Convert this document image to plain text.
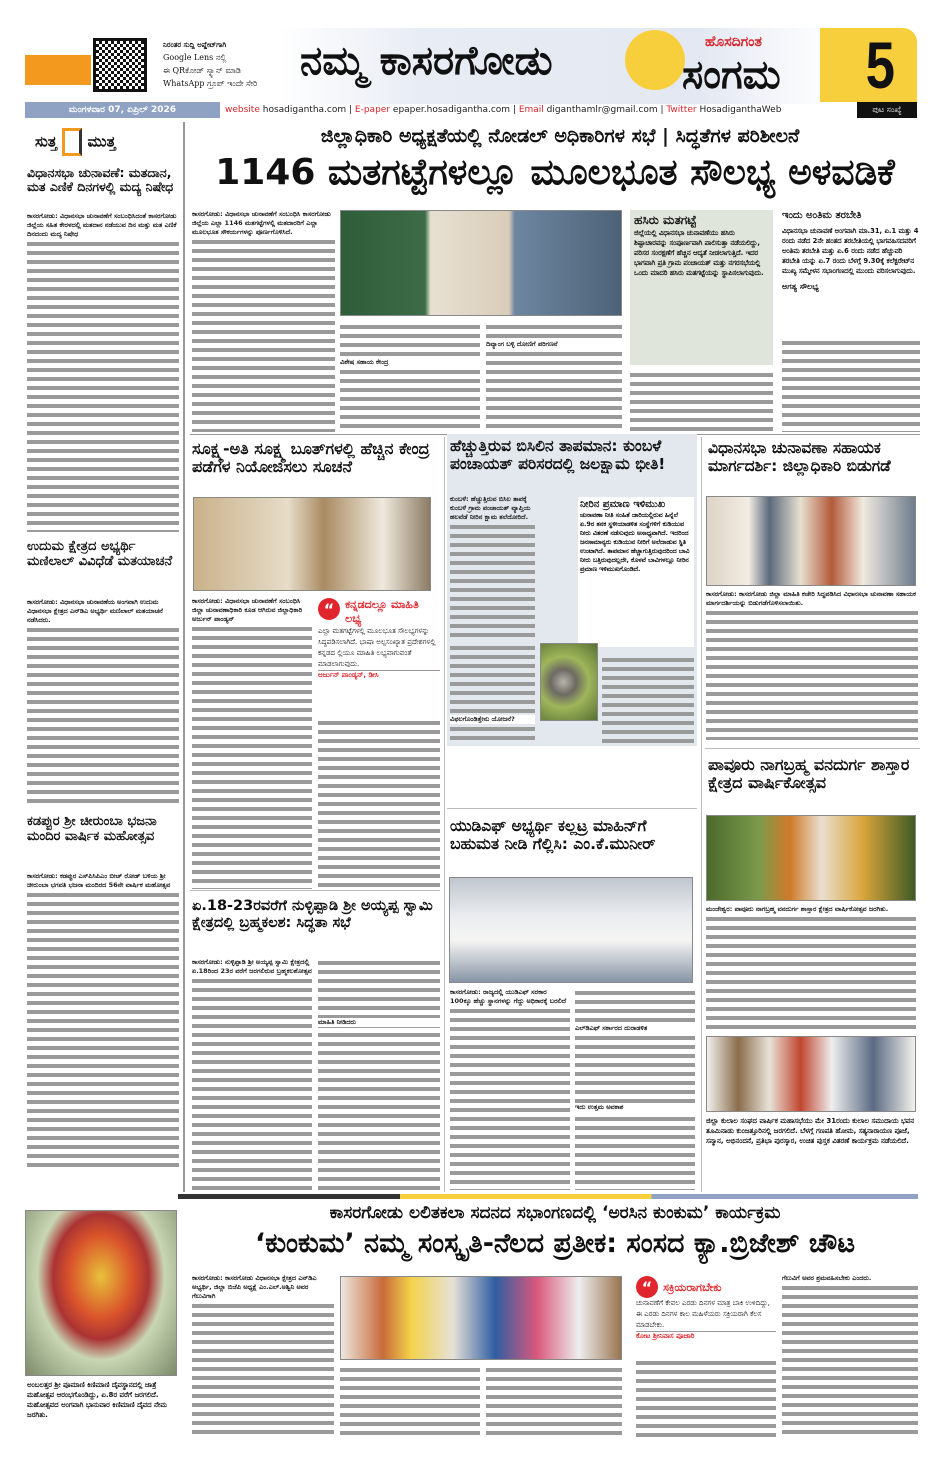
ನಿರಂತರ ಸುದ್ದಿ ಅಪ್ಡೇಟ್‌ಗಾಗಿ
Google Lens ನಲ್ಲಿ
ಈ QRಕೋಡ್ ಸ್ಕ್ಯಾನ್ ಮಾಡಿ
WhatsApp ಗ್ರೂಪ್ ಇಂದೇ ಸೇರಿ ನಮ್ಮ ಕಾಸರಗೋಡು	ಹೊಸದಿಗಂತ
ಸಂಗಮ 5
ಮಂಗಳವಾರ 07, ಏಪ್ರಿಲ್ 2026	website hosadigantha.com | E-paper epaper.hosadigantha.com | Email diganthamlr@gmail.com | Twitter HosadiganthaWeb	ಪುಟ ಸಂಖ್ಯೆ
ಸುತ್ತ ಮುತ್ತ
ವಿಧಾನಸಭಾ ಚುನಾವಣೆ: ಮತದಾನ, ಮತ ಎಣಿಕೆ ದಿನಗಳಲ್ಲಿ ಮದ್ಯ ನಿಷೇಧ
ಕಾಸರಗೋಡು: ವಿಧಾನಸಭಾ ಚುನಾವಣೆಗೆ ಸಂಬಂಧಿಸಿದಂತೆ ಕಾಸರಗೋಡು ಜಿಲ್ಲೆಯ ಸಹಿತ ಕೇರಳದಲ್ಲಿ ಮತದಾನ ನಡೆಯುವ ದಿನ ಮತ್ತು ಮತ ಎಣಿಕೆ ದಿನದಂದು ಮದ್ಯ ನಿಷೇಧ
ಉದುಮ ಕ್ಷೇತ್ರದ ಅಭ್ಯರ್ಥಿ ಮಣಿಲಾಲ್ ವಿವಿಧೆಡೆ ಮತಯಾಚನೆ
ಕಾಸರಗೋಡು: ವಿಧಾನಸಭಾ ಚುನಾವಣೆಯ ಅಂಗವಾಗಿ ಉದುಮ ವಿಧಾನಸಭಾ ಕ್ಷೇತ್ರದ ಎನ್‌ಡಿಎ ಅಭ್ಯರ್ಥಿ ಮಣಿಲಾಲ್ ಮತಯಾಚನೆ ನಡೆಸಿದರು.
ಕಡಪ್ಪುರ ಶ್ರೀ ಚೀರುಂಬಾ ಭಜನಾ ಮಂದಿರ ವಾರ್ಷಿಕ ಮಹೋತ್ಸವ
ಕಾಸರಗೋಡು: ಕಡಪ್ಪುರ ಎಸ್‌ಪಿಸಿಪಿಎಂ ಬೀಚ್ ರೋಡ್ ಬಳಿಯ ಶ್ರೀ ಚೀರುಂಬಾ ಭಗವತಿ ಭಜನಾ ಮಂದಿರದ 56ನೇ ವಾರ್ಷಿಕ ಮಹೋತ್ಸವ
ಅಂಬಲತ್ತರ ಶ್ರೀ ಪೂಮಾಣಿ ಕಿಣಿಮಾಣಿ ದೈವಸ್ಥಾನದಲ್ಲಿ ಜಾತ್ರೆ ಮಹೋತ್ಸವ ಆರಂಭಗೊಂಡಿದ್ದು, ಏ.8ರ ವರೆಗೆ ಜರಗಲಿದೆ. ಮಹೋತ್ಸವದ ಅಂಗವಾಗಿ ಭಾನುವಾರ ಕಿಣಿಮಾಣಿ ದೈವದ ನೇಮ ಜರಗಿತು.
ಜಿಲ್ಲಾಧಿಕಾರಿ ಅಧ್ಯಕ್ಷತೆಯಲ್ಲಿ ನೋಡಲ್ ಅಧಿಕಾರಿಗಳ ಸಭೆ | ಸಿದ್ಧತೆಗಳ ಪರಿಶೀಲನೆ
1146 ಮತಗಟ್ಟೆಗಳಲ್ಲೂ ಮೂಲಭೂತ ಸೌಲಭ್ಯ ಅಳವಡಿಕೆ
ಕಾಸರಗೋಡು: ವಿಧಾನಸಭಾ ಚುನಾವಣೆಗೆ ಸಂಬಂಧಿಸಿ ಕಾಸರಗೋಡು ಜಿಲ್ಲೆಯ ಎಲ್ಲಾ 1146 ಮತಗಟ್ಟೆಗಳಲ್ಲಿ ಮತದಾರರಿಗೆ ಎಲ್ಲಾ ಮೂಲಭೂತ ಸೌಕರ್ಯಗಳನ್ನು ಪೂರ್ಣಗೊಳಿಸಿದೆ.
ವಿಶೇಷ ಸಹಾಯ ಕೇಂದ್ರ
ದಿವ್ಯಾಂಗ ಬಳ್ಳಿ ದೋಣಿಗೆ ಪರಿಗಣನೆ
ಹಸಿರು ಮತಗಟ್ಟೆ
ಜಿಲ್ಲೆಯಲ್ಲಿ ವಿಧಾನಸಭಾ ಚುನಾವಣೆಯು ಹಸಿರು ಶಿಷ್ಟಾಚಾರವನ್ನು ಸಂಪೂರ್ಣವಾಗಿ ಪಾಲಿಸುತ್ತಾ ನಡೆಯಲಿದ್ದು, ಪರಿಸರ ಸಂರಕ್ಷಣೆಗೆ ಹೆಚ್ಚಿನ ಆದ್ಯತೆ ನೀಡಲಾಗುತ್ತಿದೆ. ಇದರ ಭಾಗವಾಗಿ ಪ್ರತಿ ಗ್ರಾಮ ಪಂಚಾಯತ್ ಮತ್ತು ನಗರಸಭೆಯಲ್ಲಿ ಒಂದು ಮಾದರಿ ಹಸಿರು ಮತಗಟ್ಟೆಯನ್ನು ಸ್ಥಾಪಿಸಲಾಗುವುದು.
ಇಂದು ಅಂತಿಮ ತರಬೇತಿ
ವಿಧಾನಸಭಾ ಚುನಾವಣೆ ಅಂಗವಾಗಿ ಮಾ.31, ಏ.1 ಮತ್ತು 4 ರಂದು ನಡೆದ 2ನೇ ಹಂತದ ತರಬೇತಿಯಲ್ಲಿ ಭಾಗವಹಿಸದವರಿಗೆ ಅಂತಿಮ ತರಬೇತಿ ಮತ್ತು ಏ.6 ರಂದು ನಡೆದ ಹೆಚ್ಚುವರಿ ತರಬೇತಿ ಯನ್ನು ಏ.7 ರಂದು ಬೆಳಗ್ಗೆ 9.30ಕ್ಕೆ ಕಲೆಕ್ಟರೇಟ್‌ನ ಮುಖ್ಯ ಸಮ್ಮೇಳನ ಸಭಾಂಗಣದಲ್ಲಿ ಮುಂದು ವರಿಸಲಾಗುವುದು.
ಅಗತ್ಯ ಸೌಲಭ್ಯ
ಸೂಕ್ಷ್ಮ-ಅತಿ ಸೂಕ್ಷ್ಮ ಬೂತ್‌ಗಳಲ್ಲಿ ಹೆಚ್ಚಿನ ಕೇಂದ್ರ ಪಡೆಗಳ ನಿಯೋಜಿಸಲು ಸೂಚನೆ
ಕಾಸರಗೋಡು: ವಿಧಾನಸಭಾ ಚುನಾವಣೆಗೆ ಸಂಬಂಧಿಸಿ ಜಿಲ್ಲಾ ಚುನಾವಣಾಧಿಕಾರಿ ಕೂಡ ಆಗಿರುವ ಜಿಲ್ಲಾಧಿಕಾರಿ ಅರ್ಜುನ್ ಪಾಂಡ್ಯನ್	“ ಕನ್ನಡದಲ್ಲೂ ಮಾಹಿತಿ ಲಭ್ಯ
ಎಲ್ಲಾ ಮತಗಟ್ಟೆಗಳಲ್ಲಿ ಮೂಲಭೂತ ಸೌಲಭ್ಯಗಳನ್ನು ಸಿದ್ಧಪಡಿಸಲಾಗಿದೆ. ಭಾಷಾ ಅಲ್ಪಸಂಖ್ಯಾತ ಪ್ರದೇಶಗಳಲ್ಲಿ ಕನ್ನಡದ ಲ್ಲಿಯೂ ಮಾಹಿತಿ ಲಭ್ಯವಾಗುವಂತೆ ಮಾಡಲಾಗುವುದು.
ಅರ್ಜುನ್ ಪಾಂಡ್ಯನ್, ಡೀಸಿ
ಹೆಚ್ಚುತ್ತಿರುವ ಬಿಸಿಲಿನ ತಾಪಮಾನ: ಕುಂಬಳೆ ಪಂಚಾಯತ್ ಪರಿಸರದಲ್ಲಿ ಜಲಕ್ಷಾಮ ಭೀತಿ!
ಕುಂಬಳೆ: ಹೆಚ್ಚುತ್ತಿರುವ ಬಿಸಿಲ ತಾಪಕ್ಕೆ ಕುಂಬಳೆ ಗ್ರಾಮ ಪಂಚಾಯತ್ ವ್ಯಾಪ್ತಿಯ ಹಲವೆಡೆ ನೀರಿನ ಕ್ಷಾಮ ತಲೆದೋರಿದೆ.
ನೀರಿನ ಪ್ರಮಾಣ ಇಳಿಮುಖ
ಚುನಾವಣಾ ನೀತಿ ಸಂಹಿತೆ ಜಾರಿಯಲ್ಲಿರುವ ಹಿನ್ನೆಲೆ ಏ.9ರ ತನಕ ಸ್ಥಳೀಯಾಡಳಿತ ಸಂಸ್ಥೆಗಳಿಗೆ ಕುಡಿಯುವ ನೀರು ವಿತರಣೆ ನಡೆಸುವುದು ಅಸಾಧ್ಯವಾಗಿದೆ. ಇದರಿಂದ ಜನಸಾಮಾನ್ಯರು ಕುಡಿಯುವ ನೀರಿಗೆ ಅಲೆದಾಡುವ ಸ್ಥಿತಿ ಉಂಟಾಗಿದೆ. ತಾಪಮಾನ ಹೆಚ್ಚಾಗುತ್ತಿರುವುದರಿಂದ ಬಾವಿ ನೀರು ಬತ್ತಿರುವುದಲ್ಲದೇ, ಕೊಳವೆ ಬಾವಿಗಳಲ್ಲೂ ನೀರಿನ ಪ್ರಮಾಣ ಇಳಿಮುಖಗೊಂಡಿದೆ.
ವಿಫಲಗೊಂಡಿತ್ತೇನು ಯೋಜನೆ?
ವಿಧಾನಸಭಾ ಚುನಾವಣಾ ಸಹಾಯಕ ಮಾರ್ಗದರ್ಶಿ: ಜಿಲ್ಲಾಧಿಕಾರಿ ಬಿಡುಗಡೆ
ಕಾಸರಗೋಡು: ಕಾಸರಗೋಡು ಜಿಲ್ಲಾ ಮಾಹಿತಿ ಕಚೇರಿ ಸಿದ್ಧಪಡಿಸಿದ ವಿಧಾನಸಭಾ ಚುನಾವಣಾ ಸಹಾಯಕ ಮಾರ್ಗದರ್ಶಿಯನ್ನು ಬಿಡುಗಡೆಗೊಳಿಸಲಾಯಿತು.
ಏ.18-23ರವರೆಗೆ ನುಳ್ಳಿಪ್ಪಾಡಿ ಶ್ರೀ ಅಯ್ಯಪ್ಪ ಸ್ವಾಮಿ ಕ್ಷೇತ್ರದಲ್ಲಿ ಬ್ರಹ್ಮಕಲಶ: ಸಿದ್ಧತಾ ಸಭೆ
ಕಾಸರಗೋಡು: ನುಳ್ಳಿಪ್ಪಾಡಿ ಶ್ರೀ ಅಯ್ಯಪ್ಪ ಸ್ವಾಮಿ ಕ್ಷೇತ್ರದಲ್ಲಿ ಏ.18ರಿಂದ 23ರ ವರೆಗೆ ಜರಗಲಿರುವ ಬ್ರಹ್ಮಕಲಶೋತ್ಸವ
ಮಾಹಿತಿ ನೀಡಿದರು
ಯುಡಿಎಫ್ ಅಭ್ಯರ್ಥಿ ಕಲ್ಲಟ್ರ ಮಾಹಿನ್‌ಗೆ ಬಹುಮತ ನೀಡಿ ಗೆಲ್ಲಿಸಿ: ಎಂ.ಕೆ.ಮುನೀರ್
ಕಾಸರಗೋಡು: ರಾಜ್ಯದಲ್ಲಿ ಯುಡಿಎಫ್ ಸರಕಾರ 100ಕ್ಕೂ ಹೆಚ್ಚು ಸ್ಥಾನಗಳನ್ನು ಗೆದ್ದು ಅಧಿಕಾರಕ್ಕೆ ಬರಲಿದೆ
ಎಲ್‌ಡಿಎಫ್ ಸರ್ಕಾರದ ದುರಾಡಳಿತ
ಇದು ಉತ್ತಮ ಅವಕಾಶ
ಪಾವೂರು ನಾಗಬ್ರಹ್ಮ ವನದುರ್ಗ ಶಾಸ್ತಾರ ಕ್ಷೇತ್ರದ ವಾರ್ಷಿಕೋತ್ಸವ
ಮಂಜೇಶ್ವರ: ಪಾವೂರು ನಾಗಬ್ರಹ್ಮ ವನದುರ್ಗ ಶಾಸ್ತಾರ ಕ್ಷೇತ್ರದ ವಾರ್ಷಿಕೋತ್ಸವ ಜರಗಿತು.
ಜಿಲ್ಲಾ ಕುಲಾಲ ಸಂಘದ ವಾರ್ಷಿಕ ಮಹಾಸಭೆಯು ಮೇ 31ರಂದು ಕುಲಾಲ ಸಮುದಾಯ ಭವನ ತೂಮಿನಾಡು ಕುಂಜತ್ತೂರಿನಲ್ಲಿ ಜರಗಲಿದೆ. ಬೆಳಗ್ಗೆ ಗಣಪತಿ ಹೋಮ, ಸತ್ಯನಾರಾಯಣ ಪೂಜೆ, ಸನ್ಮಾನ, ಅಭಿನಂದನೆ, ಪ್ರತಿಭಾ ಪುರಸ್ಕಾರ, ಉಚಿತ ಪುಸ್ತಕ ವಿತರಣೆ ಕಾರ್ಯಕ್ರಮ ನಡೆಯಲಿದೆ.
ಕಾಸರಗೋಡು ಲಲಿತಕಲಾ ಸದನದ ಸಭಾಂಗಣದಲ್ಲಿ ‘ಅರಸಿನ ಕುಂಕುಮ’ ಕಾರ್ಯಕ್ರಮ
‘ಕುಂಕುಮ’ ನಮ್ಮ ಸಂಸ್ಕೃತಿ-ನೆಲದ ಪ್ರತೀಕ: ಸಂಸದ ಕ್ಯಾ.ಬ್ರಿಜೇಶ್ ಚೌಟ
ಕಾಸರಗೋಡು: ಕಾಸರಗೋಡು ವಿಧಾನಸಭಾ ಕ್ಷೇತ್ರದ ಎನ್‌ಡಿಎ ಅಭ್ಯರ್ಥಿ, ಜಿಲ್ಲಾ ಬಿಜೆಪಿ ಅಧ್ಯಕ್ಷೆ ಎಂ.ಎಲ್.ಅಶ್ವಿನಿ ಅವರ ಗೆಲುವಿಗಾಗಿ	“ ಸಕ್ರಿಯರಾಗಬೇಕು
ಚುನಾವಣೆಗೆ ಕೇವಲ ಎರಡು ದಿನಗಳ ಮಾತ್ರ ಬಾಕಿ ಉಳಿದಿದ್ದು, ಈ ಎರಡು ದಿನಗಳ ಕಾಲ ಮಹಿಳೆಯರು ಸಕ್ರಿಯರಾಗಿ ಕೆಲಸ ಮಾಡಬೇಕು.
ಕೋಟ ಶ್ರೀನಿವಾಸ ಪೂಜಾರಿ
ಗೆಲುವಿಗೆ ಅವರ ಶ್ರಮವಹಿಸಬೇಕು ಎಂದರು.
